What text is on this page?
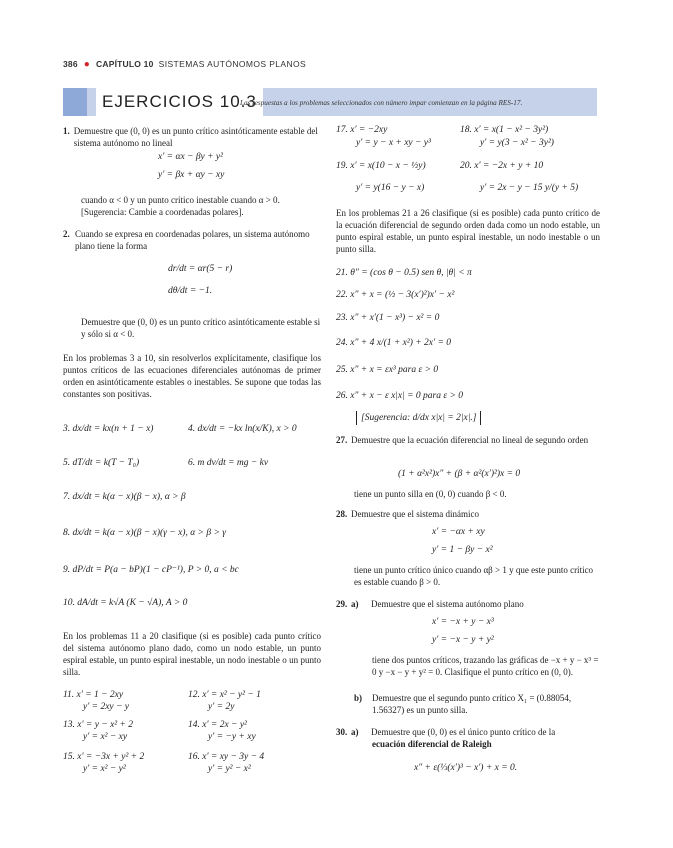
386 ● CAPÍTULO 10 SISTEMAS AUTÓNOMOS PLANOS
EJERCICIOS 10.3
Las respuestas a los problemas seleccionados con número impar comienzan en la página RES-17.
1. Demuestre que (0, 0) es un punto crítico asintóticamente estable del sistema autónomo no lineal
x′ = αx − βy + y²
y′ = βx + αy − xy
cuando α < 0 y un punto crítico inestable cuando α > 0. [Sugerencia: Cambie a coordenadas polares].
2. Cuando se expresa en coordenadas polares, un sistema autónomo plano tiene la forma
dr/dt = αr(5 − r)
dθ/dt = −1.
Demuestre que (0, 0) es un punto crítico asintóticamente estable si y sólo si α < 0.
En los problemas 3 a 10, sin resolverlos explícitamente, clasifique los puntos críticos de las ecuaciones diferenciales autónomas de primer orden en asintóticamente estables o inestables. Se supone que todas las constantes son positivas.
3. dx/dt = kx(n + 1 − x)	4. dx/dt = −kx ln(x/K), x > 0
5. dT/dt = k(T − T₀)	6. m dv/dt = mg − kv
7. dx/dt = k(α − x)(β − x), α > β
8. dx/dt = k(α − x)(β − x)(γ − x), α > β > γ
9. dP/dt = P(a − bP)(1 − cP⁻¹), P > 0, a < bc
10. dA/dt = k√A (K − √A), A > 0
En los problemas 11 a 20 clasifique (si es posible) cada punto crítico del sistema autónomo plano dado, como un nodo estable, un punto espiral estable, un punto espiral inestable, un nodo inestable o un punto silla.
11. x′ = 1 − 2xy
y′ = 2xy − y
12. x′ = x² − y² − 1
y′ = 2y
13. x′ = y − x² + 2
y′ = x² − xy
14. x′ = 2x − y²
y′ = −y + xy
15. x′ = −3x + y² + 2
y′ = x² − y²
16. x′ = xy − 3y − 4
y′ = y² − x²
17. x′ = −2xy
y′ = y − x + xy − y³
18. x′ = x(1 − x² − 3y²)
y′ = y(3 − x² − 3y²)
19. x′ = x(10 − x − ½y)
y′ = y(16 − y − x)
20. x′ = −2x + y + 10
y′ = 2x − y − 15 y/(y + 5)
En los problemas 21 a 26 clasifique (si es posible) cada punto crítico de la ecuación diferencial de segundo orden dada como un nodo estable, un punto espiral estable, un punto espiral inestable, un nodo inestable o un punto silla.
21. θ″ = (cos θ − 0.5) sen θ, |θ| < π
22. x″ + x = (½ − 3(x′)²)x′ − x²
23. x″ + x′(1 − x³) − x² = 0
24. x″ + 4 x/(1 + x²) + 2x′ = 0
25. x″ + x = εx³ para ε > 0
26. x″ + x − ε x|x| = 0 para ε > 0
[Sugerencia: d/dx x|x| = 2|x|.]
27. Demuestre que la ecuación diferencial no lineal de segundo orden
(1 + α²x²)x″ + (β + α²(x′)²)x = 0
tiene un punto silla en (0, 0) cuando β < 0.
28. Demuestre que el sistema dinámico
x′ = −αx + xy
y′ = 1 − βy − x²
tiene un punto crítico único cuando αβ > 1 y que este punto crítico es estable cuando β > 0.
29. a)	Demuestre que el sistema autónomo plano
x′ = −x + y − x³
y′ = −x − y + y²
tiene dos puntos críticos, trazando las gráficas de −x + y − x³ = 0 y −x − y + y² = 0. Clasifique el punto crítico en (0, 0).
b)	Demuestre que el segundo punto crítico X₁ = (0.88054, 1.56327) es un punto silla.
30. a)	Demuestre que (0, 0) es el único punto crítico de la
ecuación diferencial de Raleigh
x″ + ε(⅓(x′)³ − x′) + x = 0.
